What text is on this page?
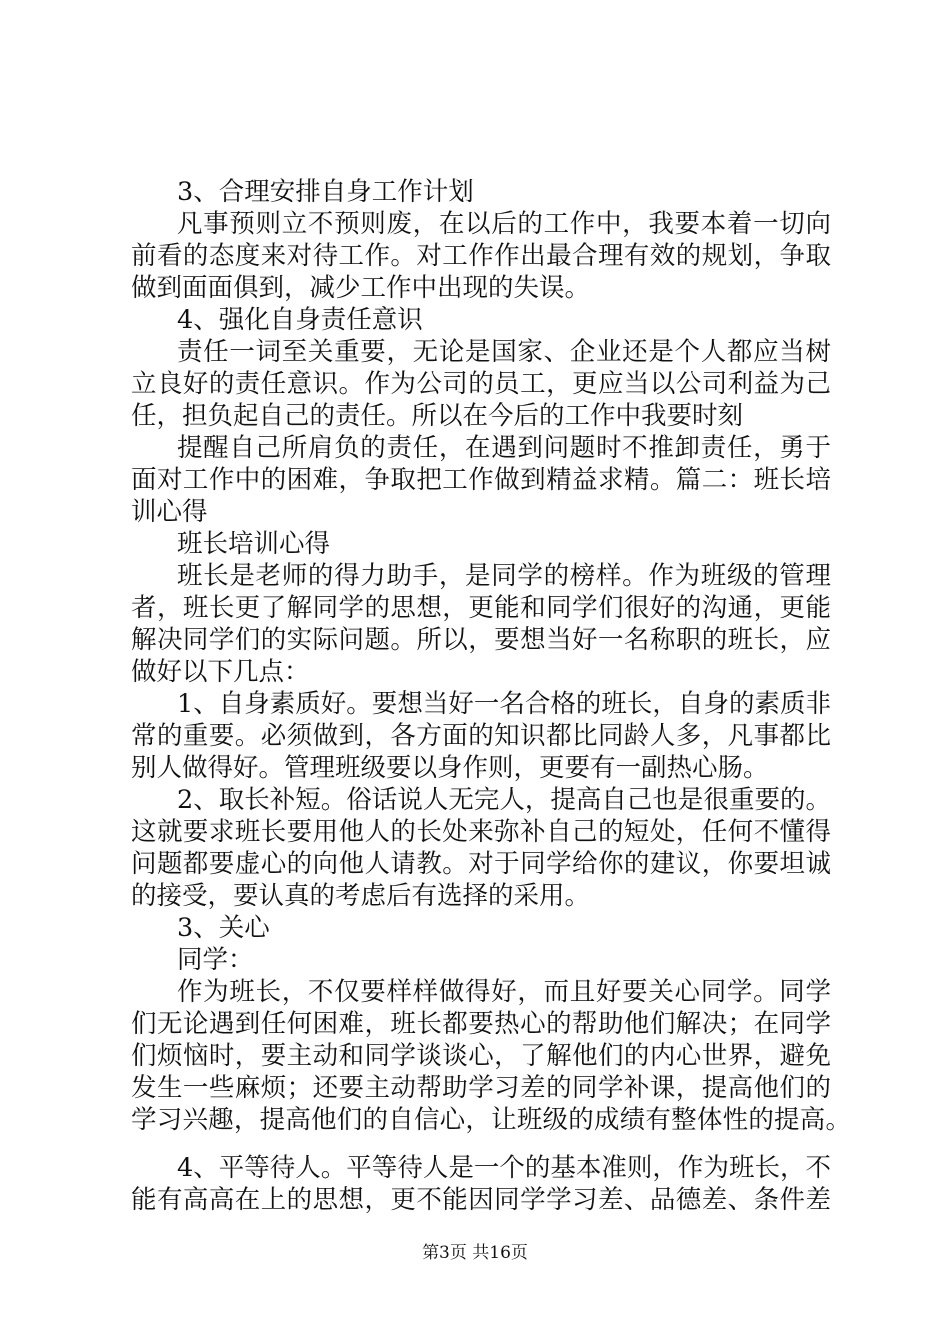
3、合理安排自身工作计划
凡事预则立不预则废，在以后的工作中，我要本着一切向
前看的态度来对待工作。对工作作出最合理有效的规划，争取
做到面面俱到，减少工作中出现的失误。
4、强化自身责任意识
责任一词至关重要，无论是国家、企业还是个人都应当树
立良好的责任意识。作为公司的员工，更应当以公司利益为己
任，担负起自己的责任。所以在今后的工作中我要时刻
提醒自己所肩负的责任，在遇到问题时不推卸责任，勇于
面对工作中的困难，争取把工作做到精益求精。篇二：班长培
训心得
班长培训心得
班长是老师的得力助手，是同学的榜样。作为班级的管理
者，班长更了解同学的思想，更能和同学们很好的沟通，更能
解决同学们的实际问题。所以，要想当好一名称职的班长，应
做好以下几点：
1、自身素质好。要想当好一名合格的班长，自身的素质非
常的重要。必须做到，各方面的知识都比同龄人多，凡事都比
别人做得好。管理班级要以身作则，更要有一副热心肠。
2、取长补短。俗话说人无完人，提高自己也是很重要的。
这就要求班长要用他人的长处来弥补自己的短处，任何不懂得
问题都要虚心的向他人请教。对于同学给你的建议，你要坦诚
的接受，要认真的考虑后有选择的采用。
3、关心
同学：
作为班长，不仅要样样做得好，而且好要关心同学。同学
们无论遇到任何困难，班长都要热心的帮助他们解决；在同学
们烦恼时，要主动和同学谈谈心，了解他们的内心世界，避免
发生一些麻烦；还要主动帮助学习差的同学补课，提高他们的
学习兴趣，提高他们的自信心，让班级的成绩有整体性的提高。
4、平等待人。平等待人是一个的基本准则，作为班长，不
能有高高在上的思想，更不能因同学学习差、品德差、条件差
第3页 共16页
